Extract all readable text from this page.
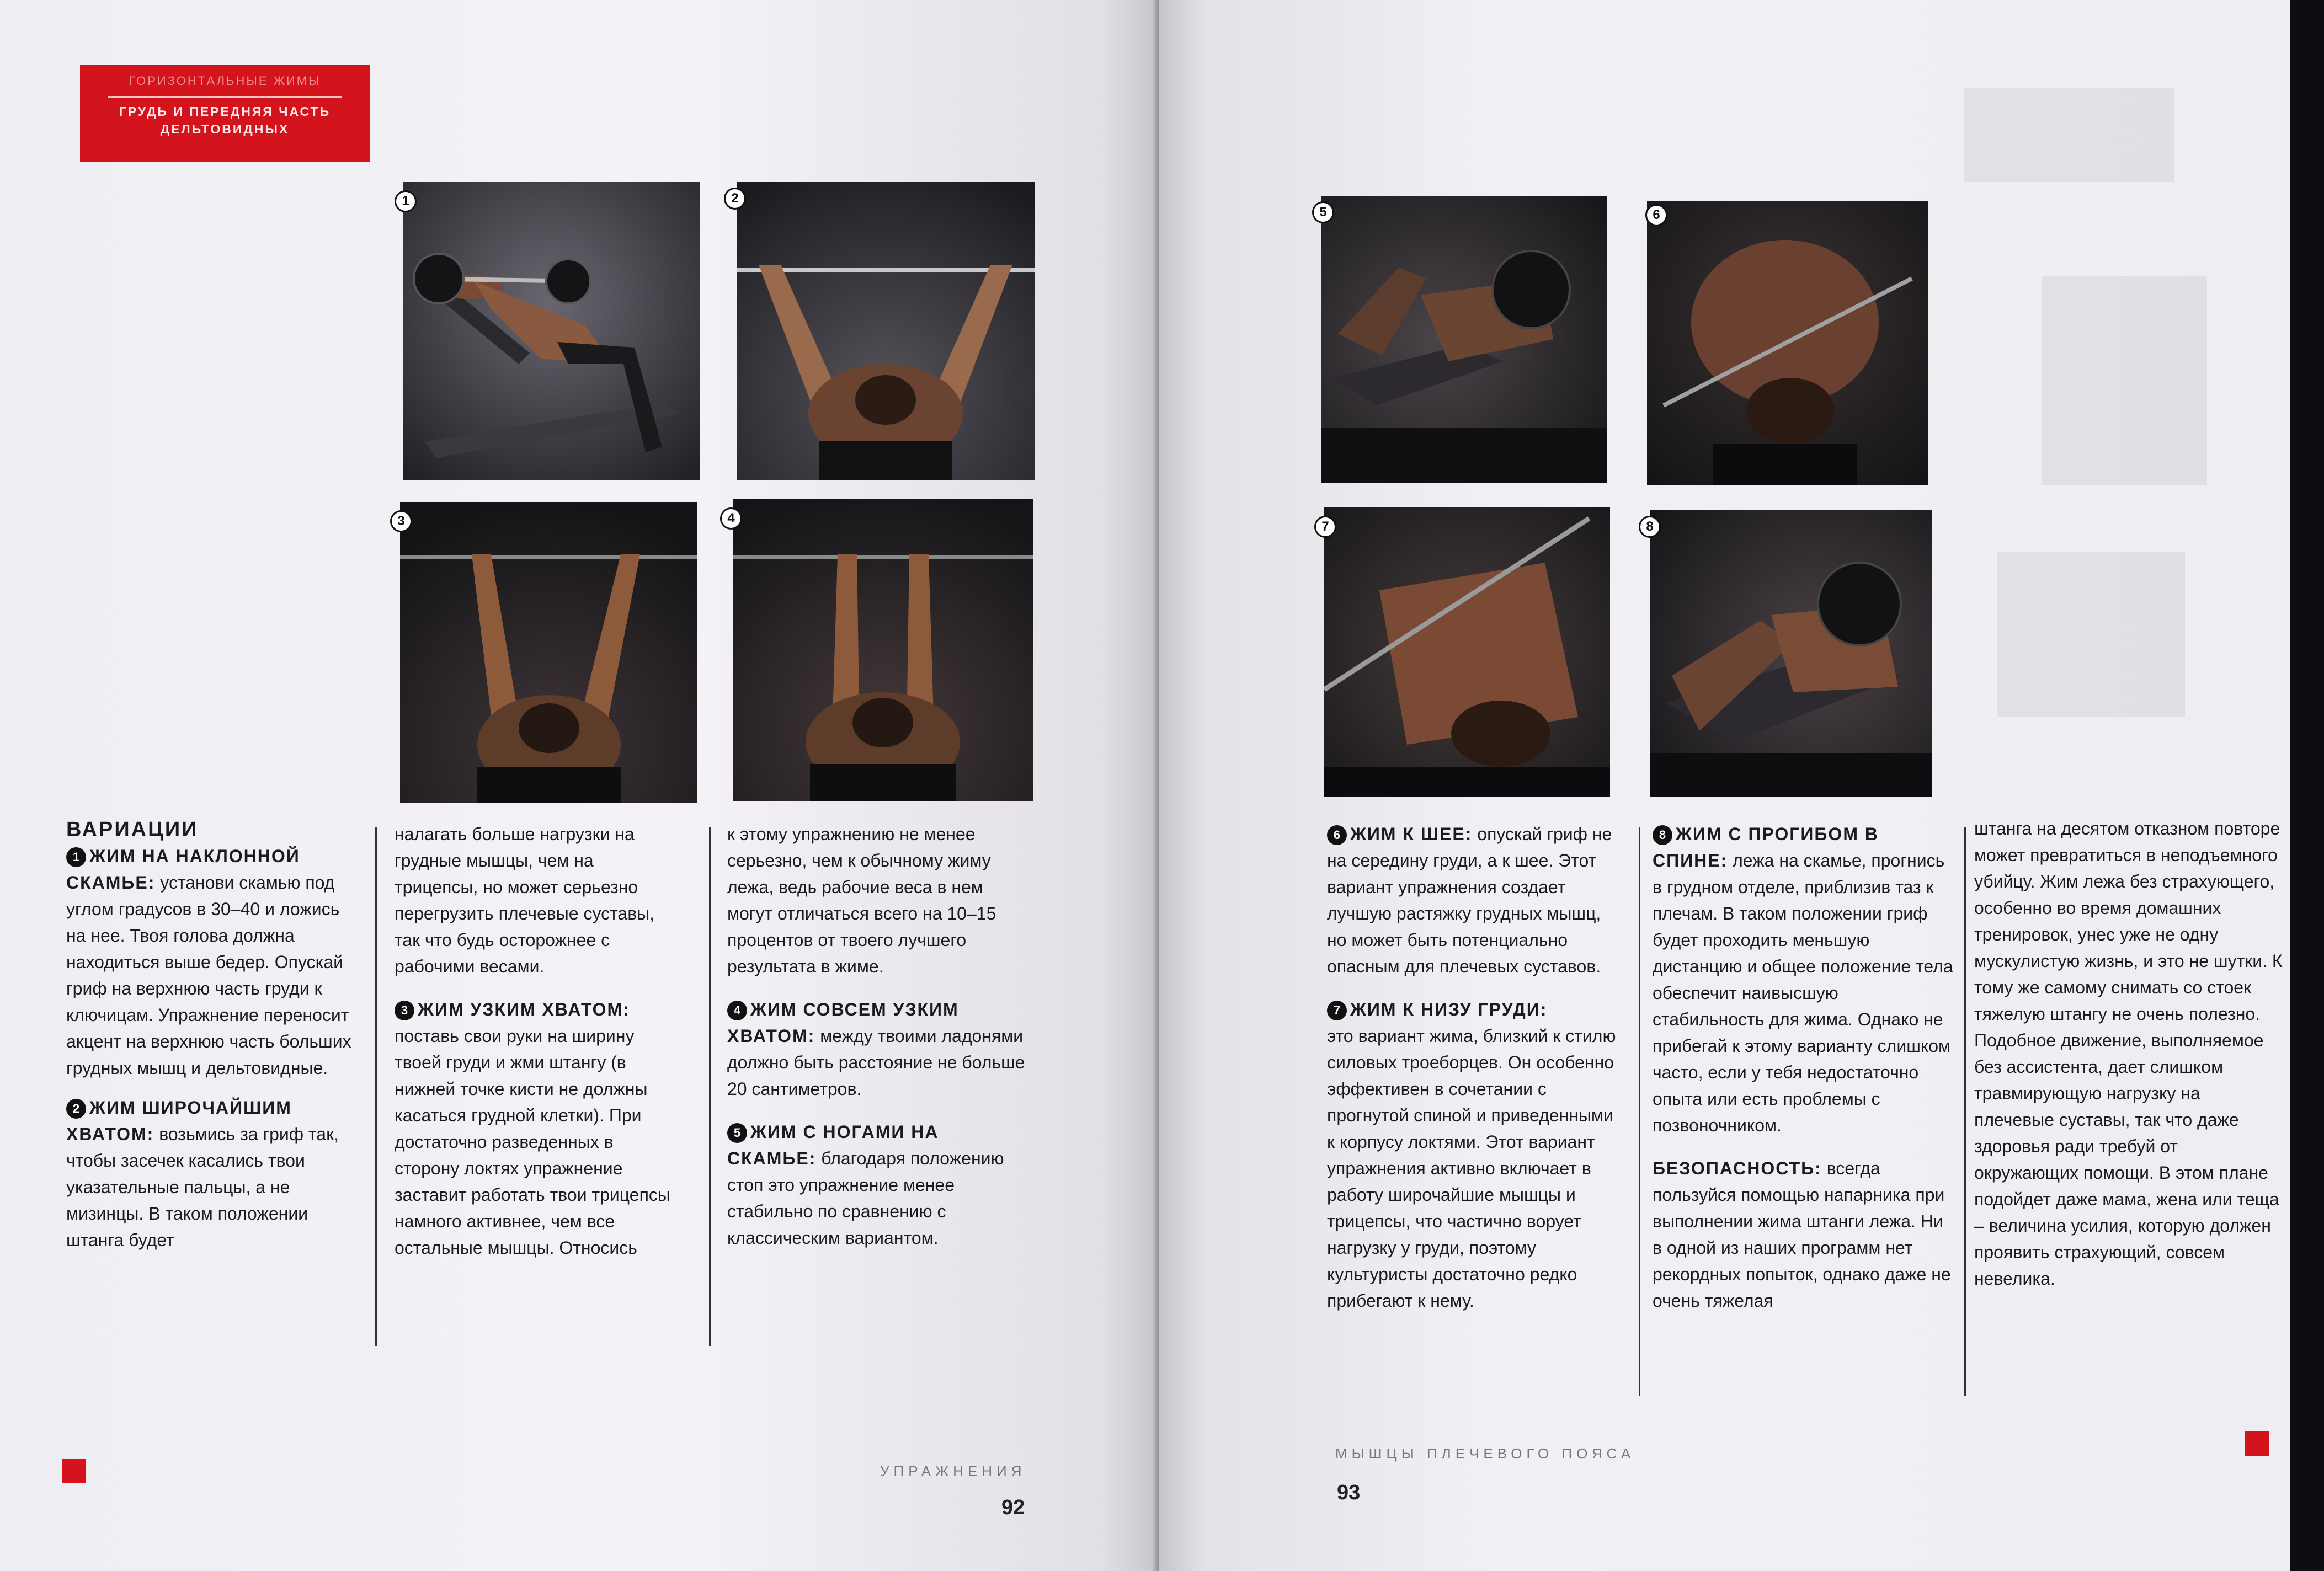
ГОРИЗОНТАЛЬНЫЕ ЖИМЫ
ГРУДЬ И ПЕРЕДНЯЯ ЧАСТЬ ДЕЛЬТОВИДНЫХ
1	2
3	4

ВАРИАЦИИ

1 ЖИМ НА НАКЛОННОЙ СКАМЬЕ: установи скамью под углом градусов в 30–40 и ложись на нее. Твоя голова должна находиться выше бедер. Опускай гриф на верхнюю часть груди к ключицам. Упражнение переносит акцент на верхнюю часть больших грудных мышц и дельтовидные.

2 ЖИМ ШИРОЧАЙШИМ ХВАТОМ: возьмись за гриф так, чтобы засечек касались твои указательные пальцы, а не мизинцы. В таком положении штанга будет

налагать больше нагрузки на грудные мышцы, чем на трицепсы, но может серьезно перегрузить плечевые суставы, так что будь осторожнее с рабочими весами.

3 ЖИМ УЗКИМ ХВАТОМ: поставь свои руки на ширину твоей груди и жми штангу (в нижней точке кисти не должны касаться грудной клетки). При достаточно разведенных в сторону локтях упражнение заставит работать твои трицепсы намного активнее, чем все остальные мышцы. Относись

к этому упражнению не менее серьезно, чем к обычному жиму лежа, ведь рабочие веса в нем могут отличаться всего на 10–15 процентов от твоего лучшего результата в жиме.

4 ЖИМ СОВСЕМ УЗКИМ ХВАТОМ: между твоими ладонями должно быть расстояние не больше 20 сантиметров.

5 ЖИМ С НОГАМИ НА СКАМЬЕ: благодаря положению стоп это упражнение менее стабильно по сравнению с классическим вариантом.

УПРАЖНЕНИЯ
92
5	6
7	8

6 ЖИМ К ШЕЕ: опускай гриф не на середину груди, а к шее. Этот вариант упражнения создает лучшую растяжку грудных мышц, но может быть потенциально опасным для плечевых суставов.

7 ЖИМ К НИЗУ ГРУДИ:
это вариант жима, близкий к стилю силовых троеборцев. Он особенно эффективен в сочетании с прогнутой спиной и приведенными к корпусу локтями. Этот вариант упражнения активно включает в работу широчайшие мышцы и трицепсы, что частично ворует нагрузку у груди, поэтому культуристы достаточно редко прибегают к нему.

8 ЖИМ С ПРОГИБОМ В СПИНЕ: лежа на скамье, прогнись в грудном отделе, приблизив таз к плечам. В таком положении гриф будет проходить меньшую дистанцию и общее положение тела обеспечит наивысшую стабильность для жима. Однако не прибегай к этому варианту слишком часто, если у тебя недостаточно опыта или есть проблемы с позвоночником.

БЕЗОПАСНОСТЬ: всегда пользуйся помощью напарника при выполнении жима штанги лежа. Ни в одной из наших программ нет рекордных попыток, однако даже не очень тяжелая

штанга на десятом отказном повторе может превратиться в неподъемного убийцу. Жим лежа без страхующего, особенно во время домашних тренировок, унес уже не одну мускулистую жизнь, и это не шутки. К тому же самому снимать со стоек тяжелую штангу не очень полезно. Подобное движение, выполняемое без ассистента, дает слишком травмирующую нагрузку на плечевые суставы, так что даже здоровья ради требуй от окружающих помощи. В этом плане подойдет даже мама, жена или теща – величина усилия, которую должен проявить страхующий, совсем невелика.

МЫШЦЫ ПЛЕЧЕВОГО ПОЯСА
93
